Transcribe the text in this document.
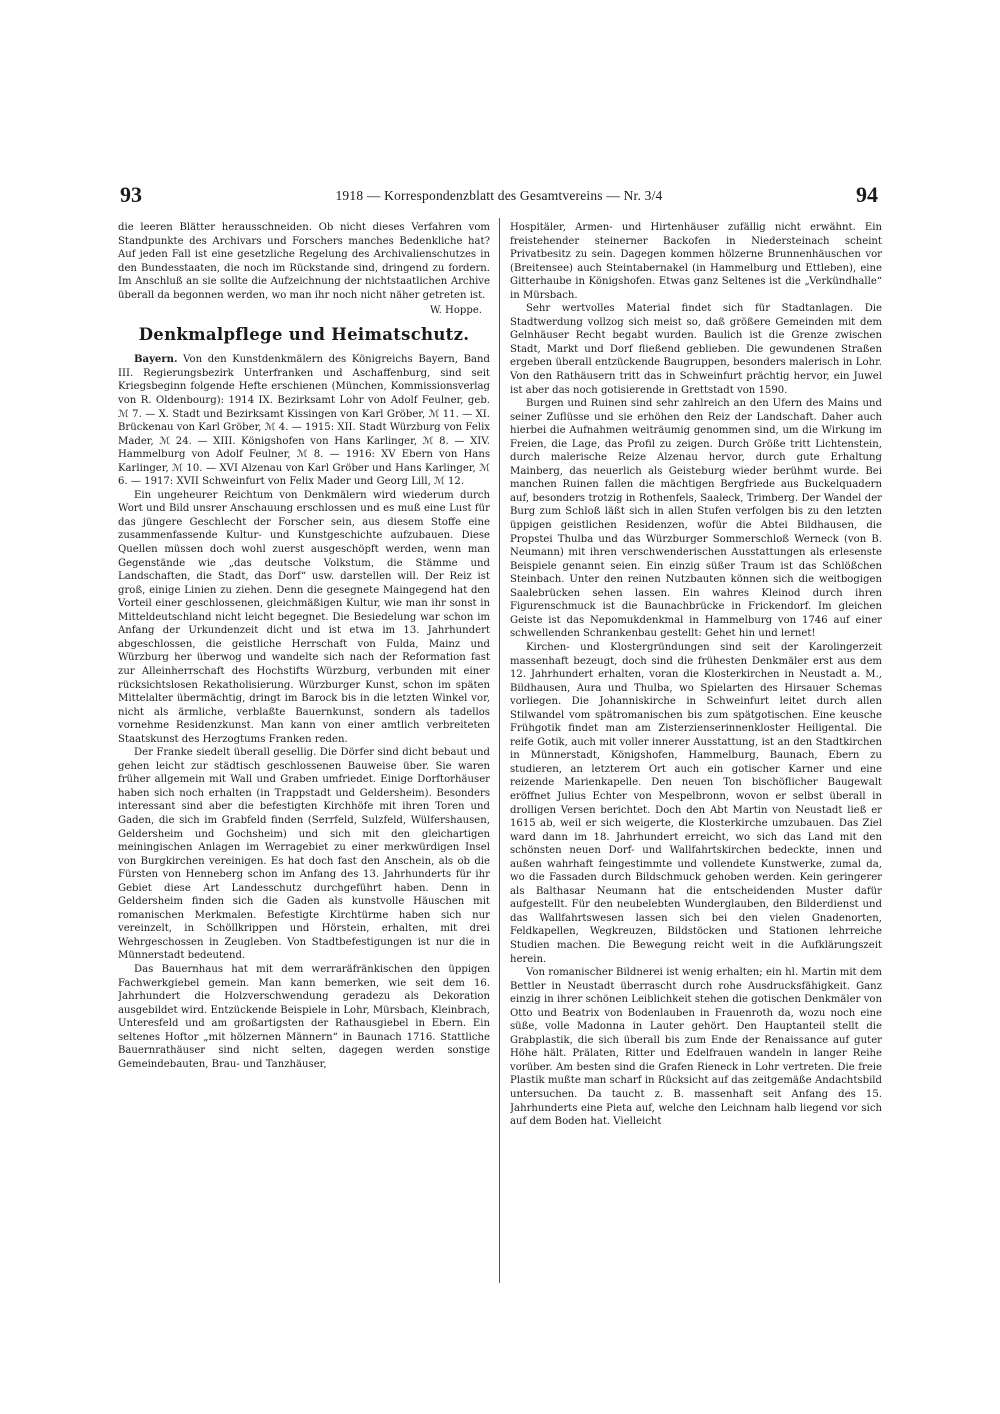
93	1918 — Korrespondenzblatt des Gesamtvereins — Nr. 3/4	94

die leeren Blätter herausschneiden. Ob nicht dieses Verfahren vom Standpunkte des Archivars und Forschers manches Bedenkliche hat? Auf jeden Fall ist eine gesetzliche Regelung des Archivalienschutzes in den Bundesstaaten, die noch im Rückstande sind, dringend zu fordern. Im Anschluß an sie sollte die Aufzeichnung der nichtstaatlichen Archive überall da begonnen werden, wo man ihr noch nicht näher getreten ist.

W. Hoppe.
Denkmalpflege und Heimatschutz.

Bayern. Von den Kunstdenkmälern des Königreichs Bayern, Band III. Regierungsbezirk Unterfranken und Aschaffenburg, sind seit Kriegsbeginn folgende Hefte erschienen (München, Kommissionsverlag von R. Oldenbourg): 1914 IX. Bezirksamt Lohr von Adolf Feulner, geb. ℳ 7. — X. Stadt und Bezirksamt Kissingen von Karl Gröber, ℳ 11. — XI. Brückenau von Karl Gröber, ℳ 4. — 1915: XII. Stadt Würzburg von Felix Mader, ℳ 24. — XIII. Königshofen von Hans Karlinger, ℳ 8. — XIV. Hammelburg von Adolf Feulner, ℳ 8. — 1916: XV Ebern von Hans Karlinger, ℳ 10. — XVI Alzenau von Karl Gröber und Hans Karlinger, ℳ 6. — 1917: XVII Schweinfurt von Felix Mader und Georg Lill, ℳ 12.

Ein ungeheurer Reichtum von Denkmälern wird wiederum durch Wort und Bild unsrer Anschauung erschlossen und es muß eine Lust für das jüngere Geschlecht der Forscher sein, aus diesem Stoffe eine zusammenfassende Kultur- und Kunstgeschichte aufzubauen. Diese Quellen müssen doch wohl zuerst ausgeschöpft werden, wenn man Gegenstände wie „das deutsche Volkstum, die Stämme und Landschaften, die Stadt, das Dorf“ usw. darstellen will. Der Reiz ist groß, einige Linien zu ziehen. Denn die gesegnete Maingegend hat den Vorteil einer geschlossenen, gleichmäßigen Kultur, wie man ihr sonst in Mitteldeutschland nicht leicht begegnet. Die Besiedelung war schon im Anfang der Urkundenzeit dicht und ist etwa im 13. Jahrhundert abgeschlossen, die geistliche Herrschaft von Fulda, Mainz und Würzburg her überwog und wandelte sich nach der Reformation fast zur Alleinherrschaft des Hochstifts Würzburg, verbunden mit einer rücksichtslosen Rekatholisierung. Würzburger Kunst, schon im späten Mittelalter übermächtig, dringt im Barock bis in die letzten Winkel vor, nicht als ärmliche, verblaßte Bauernkunst, sondern als tadellos vornehme Residenzkunst. Man kann von einer amtlich verbreiteten Staatskunst des Herzogtums Franken reden.

Der Franke siedelt überall gesellig. Die Dörfer sind dicht bebaut und gehen leicht zur städtisch geschlossenen Bauweise über. Sie waren früher allgemein mit Wall und Graben umfriedet. Einige Dorftorhäuser haben sich noch erhalten (in Trappstadt und Geldersheim). Besonders interessant sind aber die befestigten Kirchhöfe mit ihren Toren und Gaden, die sich im Grabfeld finden (Serrfeld, Sulzfeld, Wülfershausen, Geldersheim und Gochsheim) und sich mit den gleichartigen meiningischen Anlagen im Werragebiet zu einer merkwürdigen Insel von Burgkirchen vereinigen. Es hat doch fast den Anschein, als ob die Fürsten von Henneberg schon im Anfang des 13. Jahrhunderts für ihr Gebiet diese Art Landesschutz durchgeführt haben. Denn in Geldersheim finden sich die Gaden als kunstvolle Häuschen mit romanischen Merkmalen. Befestigte Kirchtürme haben sich nur vereinzelt, in Schöllkrippen und Hörstein, erhalten, mit drei Wehrgeschossen in Zeugleben. Von Stadtbefestigungen ist nur die in Münnerstadt bedeutend.

Das Bauernhaus hat mit dem werraräfränkischen den üppigen Fachwerkgiebel gemein. Man kann bemerken, wie seit dem 16. Jahrhundert die Holzverschwendung geradezu als Dekoration ausgebildet wird. Entzückende Beispiele in Lohr, Mürsbach, Kleinbrach, Unteresfeld und am großartigsten der Rathausgiebel in Ebern. Ein seltenes Hoftor „mit hölzernen Männern“ in Baunach 1716. Stattliche Bauernrathäuser sind nicht selten, dagegen werden sonstige Gemeindebauten, Brau- und Tanzhäuser,

Hospitäler, Armen- und Hirtenhäuser zufällig nicht erwähnt. Ein freistehender steinerner Backofen in Niedersteinach scheint Privatbesitz zu sein. Dagegen kommen hölzerne Brunnenhäuschen vor (Breitensee) auch Steintabernakel (in Hammelburg und Ettleben), eine Gitterhaube in Königshofen. Etwas ganz Seltenes ist die „Verkündhalle“ in Mürsbach.

Sehr wertvolles Material findet sich für Stadtanlagen. Die Stadtwerdung vollzog sich meist so, daß größere Gemeinden mit dem Gelnhäuser Recht begabt wurden. Baulich ist die Grenze zwischen Stadt, Markt und Dorf fließend geblieben. Die gewundenen Straßen ergeben überall entzückende Baugruppen, besonders malerisch in Lohr. Von den Rathäusern tritt das in Schweinfurt prächtig hervor, ein Juwel ist aber das noch gotisierende in Grettstadt von 1590.

Burgen und Ruinen sind sehr zahlreich an den Ufern des Mains und seiner Zuflüsse und sie erhöhen den Reiz der Landschaft. Daher auch hierbei die Aufnahmen weiträumig genommen sind, um die Wirkung im Freien, die Lage, das Profil zu zeigen. Durch Größe tritt Lichtenstein, durch malerische Reize Alzenau hervor, durch gute Erhaltung Mainberg, das neuerlich als Geisteburg wieder berühmt wurde. Bei manchen Ruinen fallen die mächtigen Bergfriede aus Buckelquadern auf, besonders trotzig in Rothenfels, Saaleck, Trimberg. Der Wandel der Burg zum Schloß läßt sich in allen Stufen verfolgen bis zu den letzten üppigen geistlichen Residenzen, wofür die Abtei Bildhausen, die Propstei Thulba und das Würzburger Sommerschloß Werneck (von B. Neumann) mit ihren verschwenderischen Ausstattungen als erlesenste Beispiele genannt seien. Ein einzig süßer Traum ist das Schlößchen Steinbach. Unter den reinen Nutzbauten können sich die weitbogigen Saalebrücken sehen lassen. Ein wahres Kleinod durch ihren Figurenschmuck ist die Baunachbrücke in Frickendorf. Im gleichen Geiste ist das Nepomukdenkmal in Hammelburg von 1746 auf einer schwellenden Schrankenbau gestellt: Gehet hin und lernet!

Kirchen- und Klostergründungen sind seit der Karolingerzeit massenhaft bezeugt, doch sind die frühesten Denkmäler erst aus dem 12. Jahrhundert erhalten, voran die Klosterkirchen in Neustadt a. M., Bildhausen, Aura und Thulba, wo Spielarten des Hirsauer Schemas vorliegen. Die Johanniskirche in Schweinfurt leitet durch allen Stilwandel vom spätromanischen bis zum spätgotischen. Eine keusche Frühgotik findet man am Zisterzienserinnenkloster Heiligental. Die reife Gotik, auch mit voller innerer Ausstattung, ist an den Stadtkirchen in Münnerstadt, Königshofen, Hammelburg, Baunach, Ebern zu studieren, an letzterem Ort auch ein gotischer Karner und eine reizende Marienkapelle. Den neuen Ton bischöflicher Baugewalt eröffnet Julius Echter von Mespelbronn, wovon er selbst überall in drolligen Versen berichtet. Doch den Abt Martin von Neustadt ließ er 1615 ab, weil er sich weigerte, die Klosterkirche umzubauen. Das Ziel ward dann im 18. Jahrhundert erreicht, wo sich das Land mit den schönsten neuen Dorf- und Wallfahrtskirchen bedeckte, innen und außen wahrhaft feingestimmte und vollendete Kunstwerke, zumal da, wo die Fassaden durch Bildschmuck gehoben werden. Kein geringerer als Balthasar Neumann hat die entscheidenden Muster dafür aufgestellt. Für den neubelebten Wunderglauben, den Bilderdienst und das Wallfahrtswesen lassen sich bei den vielen Gnadenorten, Feldkapellen, Wegkreuzen, Bildstöcken und Stationen lehrreiche Studien machen. Die Bewegung reicht weit in die Aufklärungszeit herein.

Von romanischer Bildnerei ist wenig erhalten; ein hl. Martin mit dem Bettler in Neustadt überrascht durch rohe Ausdrucksfähigkeit. Ganz einzig in ihrer schönen Leiblichkeit stehen die gotischen Denkmäler von Otto und Beatrix von Bodenlauben in Frauenroth da, wozu noch eine süße, volle Madonna in Lauter gehört. Den Hauptanteil stellt die Grabplastik, die sich überall bis zum Ende der Renaissance auf guter Höhe hält. Prälaten, Ritter und Edelfrauen wandeln in langer Reihe vorüber. Am besten sind die Grafen Rieneck in Lohr vertreten. Die freie Plastik mußte man scharf in Rücksicht auf das zeitgemäße Andachtsbild untersuchen. Da taucht z. B. massenhaft seit Anfang des 15. Jahrhunderts eine Pieta auf, welche den Leichnam halb liegend vor sich auf dem Boden hat. Vielleicht
